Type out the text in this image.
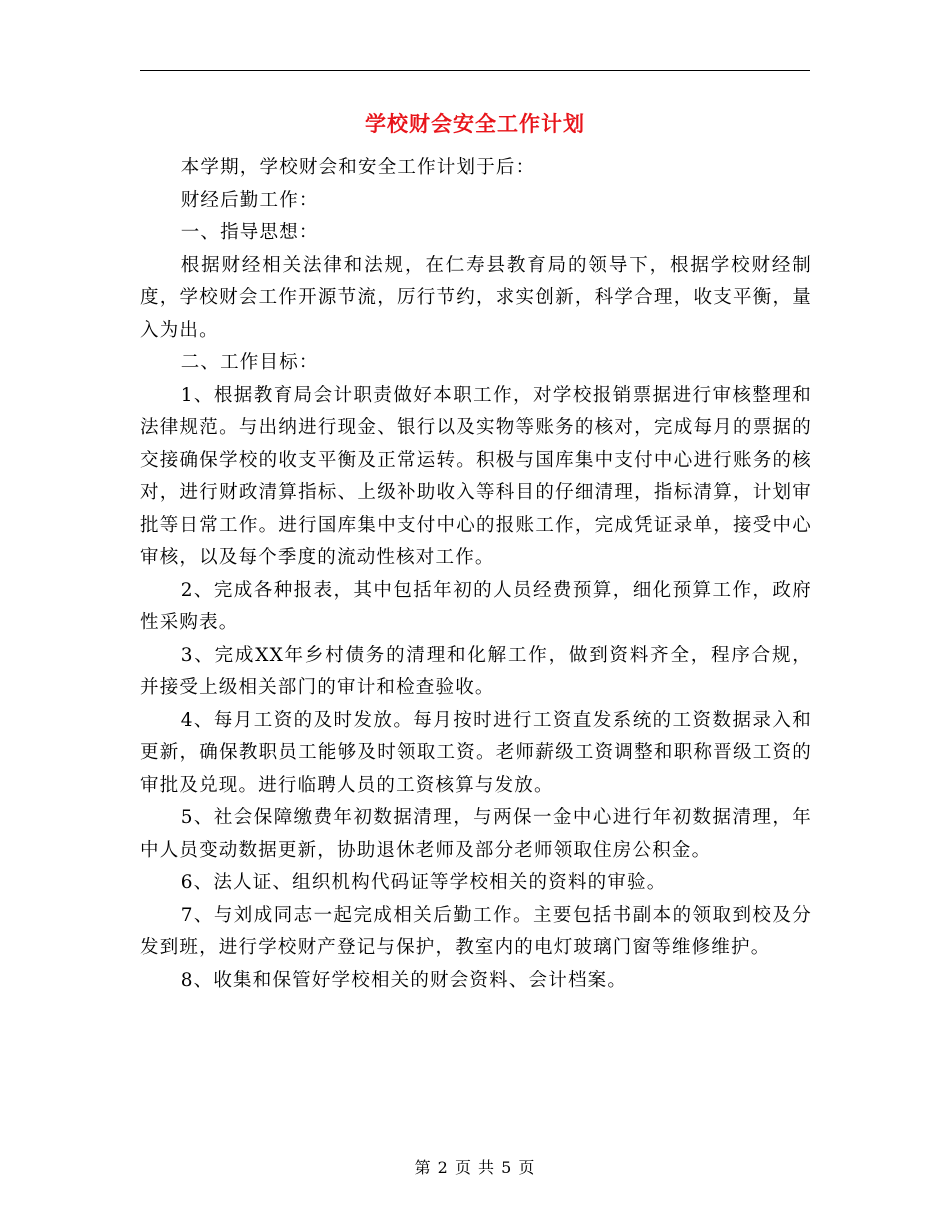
学校财会安全工作计划

本学期，学校财会和安全工作计划于后：

财经后勤工作：

一、指导思想：

根据财经相关法律和法规，在仁寿县教育局的领导下，根据学校财经制度，学校财会工作开源节流，厉行节约，求实创新，科学合理，收支平衡，量入为出。

二、工作目标：

1、根据教育局会计职责做好本职工作，对学校报销票据进行审核整理和法律规范。与出纳进行现金、银行以及实物等账务的核对，完成每月的票据的交接确保学校的收支平衡及正常运转。积极与国库集中支付中心进行账务的核对，进行财政清算指标、上级补助收入等科目的仔细清理，指标清算，计划审批等日常工作。进行国库集中支付中心的报账工作，完成凭证录单，接受中心审核，以及每个季度的流动性核对工作。

2、完成各种报表，其中包括年初的人员经费预算，细化预算工作，政府性采购表。

3、完成XX年乡村债务的清理和化解工作，做到资料齐全，程序合规，并接受上级相关部门的审计和检查验收。

4、每月工资的及时发放。每月按时进行工资直发系统的工资数据录入和更新，确保教职员工能够及时领取工资。老师薪级工资调整和职称晋级工资的审批及兑现。进行临聘人员的工资核算与发放。

5、社会保障缴费年初数据清理，与两保一金中心进行年初数据清理，年中人员变动数据更新，协助退休老师及部分老师领取住房公积金。

6、法人证、组织机构代码证等学校相关的资料的审验。

7、与刘成同志一起完成相关后勤工作。主要包括书副本的领取到校及分发到班，进行学校财产登记与保护，教室内的电灯玻璃门窗等维修维护。

8、收集和保管好学校相关的财会资料、会计档案。

第 2 页 共 5 页
